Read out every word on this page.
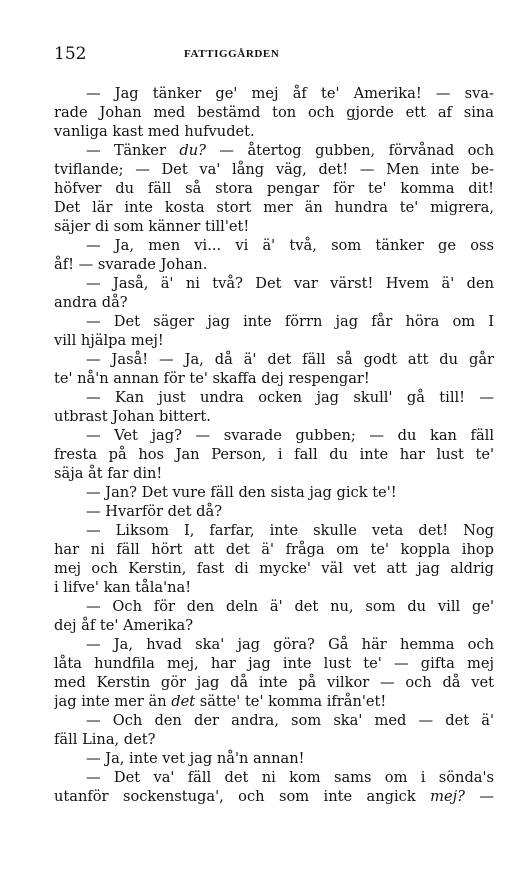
152	FATTIGGÅRDEN
— Jag tänker ge' mej åf te' Amerika! — sva-
rade Johan med bestämd ton och gjorde ett af sina
vanliga kast med hufvudet.
— Tänker du? — återtog gubben, förvånad och
tviflande; — Det va' lång väg, det! — Men inte be-
höfver du fäll så stora pengar för te' komma dit!
Det lär inte kosta stort mer än hundra te' migrera,
säjer di som känner till'et!
— Ja, men vi... vi ä' två, som tänker ge oss
åf! — svarade Johan.
— Jaså, ä' ni två? Det var värst! Hvem ä' den
andra då?
— Det säger jag inte förrn jag får höra om I
vill hjälpa mej!
— Jaså! — Ja, då ä' det fäll så godt att du går
te' nå'n annan för te' skaffa dej respengar!
— Kan just undra ocken jag skull' gå till! —
utbrast Johan bittert.
— Vet jag? — svarade gubben; — du kan fäll
fresta på hos Jan Person, i fall du inte har lust te'
säja åt far din!
— Jan? Det vure fäll den sista jag gick te'!
— Hvarför det då?
— Liksom I, farfar, inte skulle veta det! Nog
har ni fäll hört att det ä' fråga om te' koppla ihop
mej och Kerstin, fast di mycke' väl vet att jag aldrig
i lifve' kan tåla'na!
— Och för den deln ä' det nu, som du vill ge'
dej åf te' Amerika?
— Ja, hvad ska' jag göra? Gå här hemma och
låta hundfila mej, har jag inte lust te' — gifta mej
med Kerstin gör jag då inte på vilkor — och då vet
jag inte mer än det sätte' te' komma ifrån'et!
— Och den der andra, som ska' med — det ä'
fäll Lina, det?
— Ja, inte vet jag nå'n annan!
— Det va' fäll det ni kom sams om i sönda's
utanför sockenstuga', och som inte angick mej? —
